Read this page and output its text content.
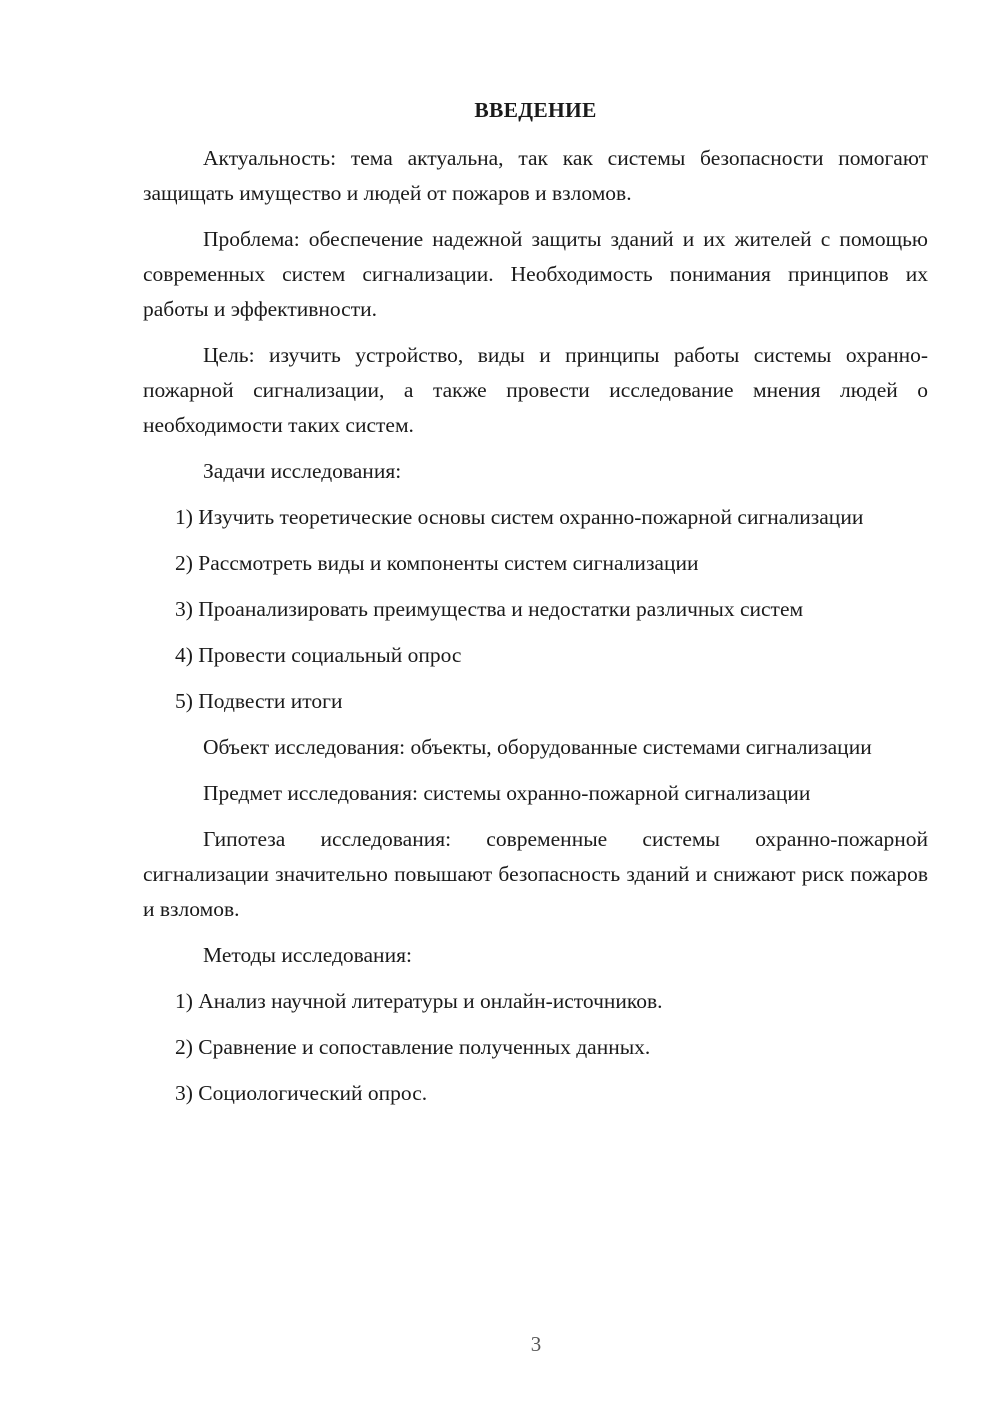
ВВЕДЕНИЕ

Актуальность: тема актуальна, так как системы безопасности помогают защищать имущество и людей от пожаров и взломов.

Проблема: обеспечение надежной защиты зданий и их жителей с помощью современных систем сигнализации. Необходимость понимания принципов их работы и эффективности.

Цель: изучить устройство, виды и принципы работы системы охранно-пожарной сигнализации, а также провести исследование мнения людей о необходимости таких систем.

Задачи исследования:

1) Изучить теоретические основы систем охранно-пожарной сигнализации

2) Рассмотреть виды и компоненты систем сигнализации

3) Проанализировать преимущества и недостатки различных систем

4) Провести социальный опрос

5) Подвести итоги

Объект исследования: объекты, оборудованные системами сигнализации

Предмет исследования: системы охранно-пожарной сигнализации

Гипотеза исследования: современные системы охранно-пожарной сигнализации значительно повышают безопасность зданий и снижают риск пожаров и взломов.

Методы исследования:

1) Анализ научной литературы и онлайн-источников.

2) Сравнение и сопоставление полученных данных.

3) Социологический опрос.

3
